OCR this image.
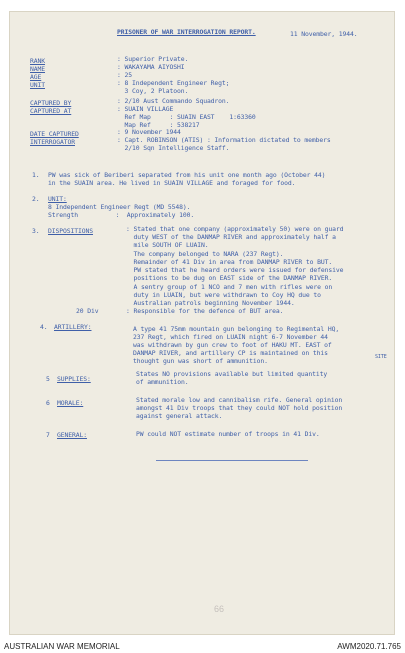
PRISONER OF WAR INTERROGATION REPORT.	11 November, 1944.
RANK	: Superior Private.
NAME	: WAKAYAMA AIYOSHI
AGE	: 25
UNIT	: 8 Independent Engineer Regt;
3 Coy, 2 Platoon.
CAPTURED BY	: 2/10 Aust Commando Squadron.
CAPTURED AT	: SUAIN VILLAGE
Ref Map     : SUAIN EAST    1:63360
Map Ref     : 538217
DATE CAPTURED	: 9 November 1944
INTERROGATOR	: Capt. ROBINSON (ATIS) : Information dictated to members
2/10 Sqn Intelligence Staff.
1. PW was sick of Beriberi separated from his unit one month ago (October 44)
in the SUAIN area. He lived in SUAIN VILLAGE and foraged for food.
2. UNIT:
8 Independent Engineer Regt (MD 5548).
Strength          :  Approximately 100.
3. DISPOSITIONS	: Stated that one company (approximately 50) were on guard
duty WEST of the DANMAP RIVER and approximately half a
mile SOUTH OF LUAIN.
The company belonged to NARA (237 Regt).
Remainder of 41 Div in area from DANMAP RIVER to BUT.
PW stated that he heard orders were issued for defensive
positions to be dug on EAST side of the DANMAP RIVER.
A sentry group of 1 NCO and 7 men with rifles were on
duty in LUAIN, but were withdrawn to Coy HQ due to
Australian patrols beginning November 1944.
20 Div	: Responsible for the defence of BUT area.
4. ARTILLERY:	A type 41 75mm mountain gun belonging to Regimental HQ,
237 Regt, which fired on LUAIN night 6-7 November 44
was withdrawn by gun crew to foot of HAKU MT. EAST of
DANMAP RIVER, and artillery CP is maintained on this
thought gun was short of ammunition.	SITE
5 SUPPLIES:
States NO provisions available but limited quantity
of ammunition.
6 MORALE:	Stated morale low and cannibalism rife. General opinion
amongst 41 Div troops that they could NOT hold position
against general attack.
7 GENERAL:	PW could NOT estimate number of troops in 41 Div.
66
AUSTRALIAN WAR MEMORIAL	AWM2020.71.765
